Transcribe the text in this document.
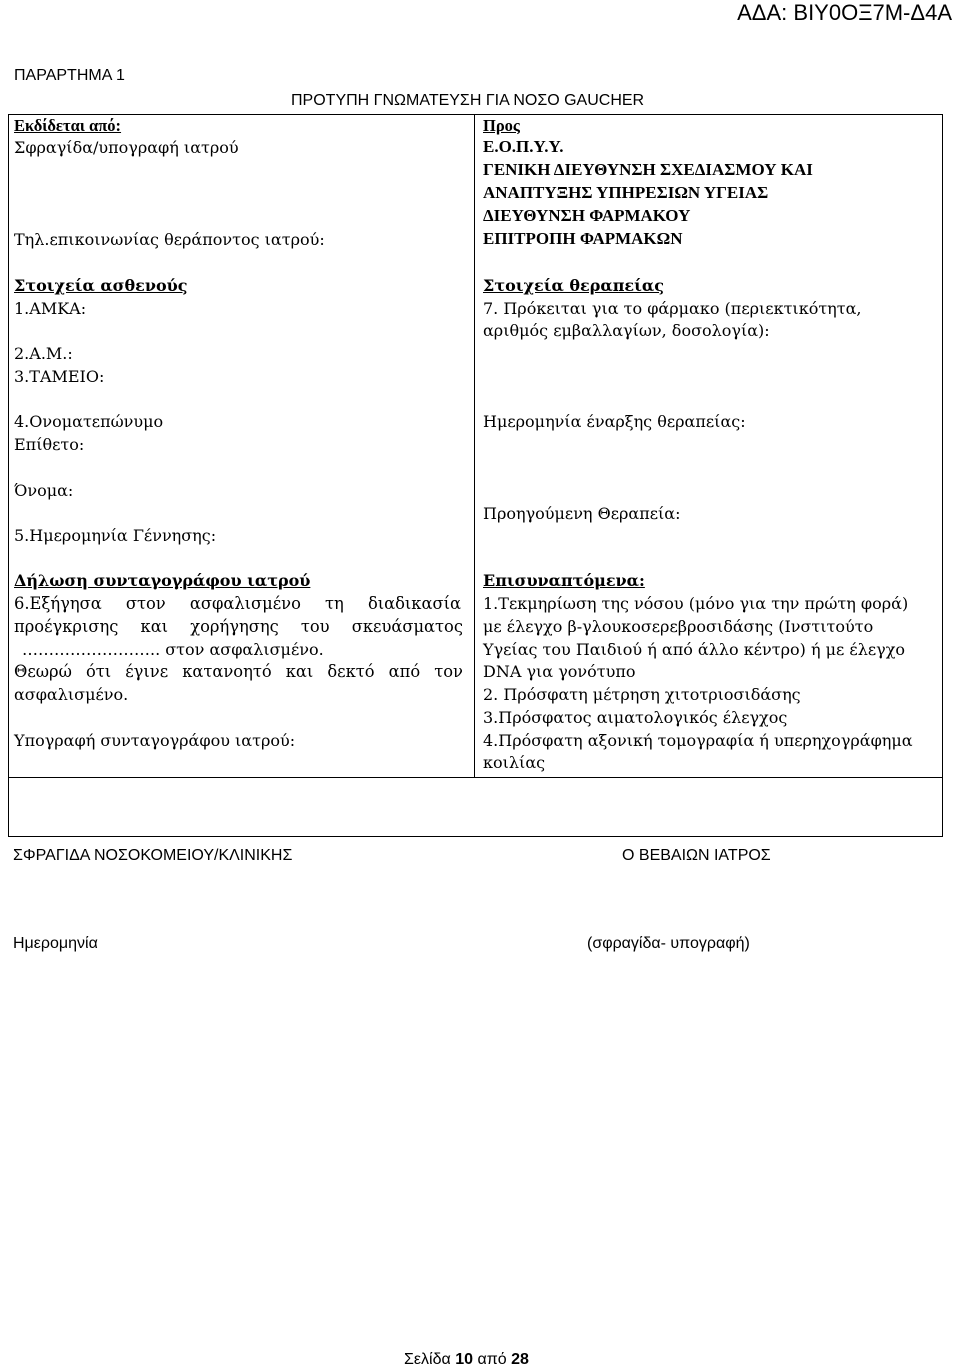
ΑΔΑ: ΒΙΥ0ΟΞ7Μ-Δ4Α
ΠΑΡΑΡΤΗΜΑ 1
ΠΡΟΤΥΠΗ ΓΝΩΜΑΤΕΥΣΗ ΓΙΑ ΝΟΣΟ GAUCHER
Εκδίδεται από:
Σφραγίδα/υπογραφή ιατρού
Τηλ.επικοινωνίας θεράποντος ιατρού:
Προς
Ε.Ο.Π.Υ.Υ.
ΓΕΝΙΚΗ ΔΙΕΥΘΥΝΣΗ ΣΧΕΔΙΑΣΜΟΥ ΚΑΙ
ΑΝΑΠΤΥΞΗΣ ΥΠΗΡΕΣΙΩΝ ΥΓΕΙΑΣ
ΔΙΕΥΘΥΝΣΗ ΦΑΡΜΑΚΟΥ
ΕΠΙΤΡΟΠΗ ΦΑΡΜΑΚΩΝ
Στοιχεία ασθενούς
1.ΑΜΚΑ:
2.Α.Μ.:
3.ΤΑΜΕΙΟ:
4.Ονοματεπώνυμο
Επίθετο:
Όνομα:
5.Ημερομηνία Γέννησης:
Στοιχεία θεραπείας
7. Πρόκειται για το φάρμακο (περιεκτικότητα,
αριθμός εμβαλλαγίων, δοσολογία):
Ημερομηνία έναρξης θεραπείας:
Προηγούμενη Θεραπεία:
Δήλωση συνταγογράφου ιατρού
6.Εξήγησα στον ασφαλισμένο τη διαδικασία
προέγκρισης και χορήγησης του σκευάσματος
…………………….. στον ασφαλισμένο.
Θεωρώ ότι έγινε κατανοητό και δεκτό από τον
ασφαλισμένο.
Υπογραφή συνταγογράφου ιατρού:
Επισυναπτόμενα:
1.Τεκμηρίωση της νόσου (μόνο για την πρώτη φορά)
με έλεγχο β-γλουκοσερεβροσιδάσης (Ινστιτούτο
Υγείας του Παιδιού ή από άλλο κέντρο) ή με έλεγχο
DNA για γονότυπο
2. Πρόσφατη μέτρηση χιτοτριοσιδάσης
3.Πρόσφατος αιματολογικός έλεγχος
4.Πρόσφατη αξονική τομογραφία ή υπερηχογράφημα
κοιλίας
ΣΦΡΑΓΙΔΑ ΝΟΣΟΚΟΜΕΙΟΥ/ΚΛΙΝΙΚΗΣ	Ο ΒΕΒΑΙΩΝ ΙΑΤΡΟΣ
Ημερομηνία	(σφραγίδα- υπογραφή)
Σελίδα 10 από 28
